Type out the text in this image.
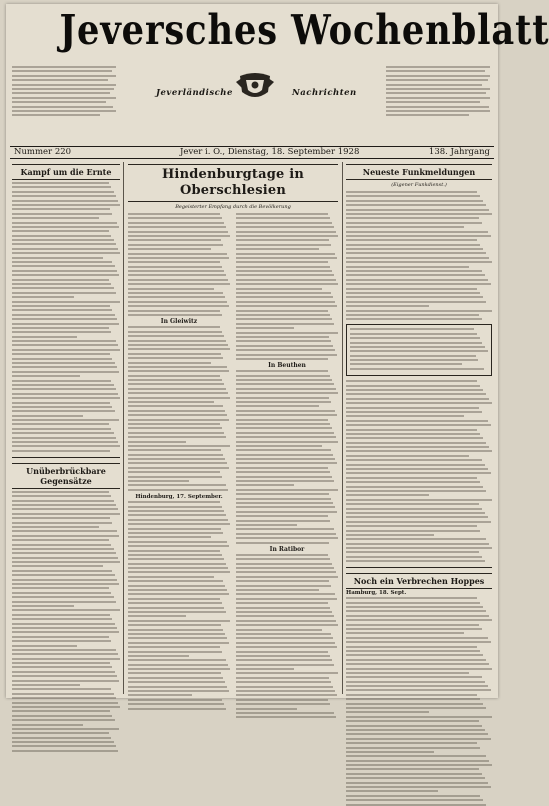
Jeversches Wochenblatt
Jeverländische	Nachrichten
Nummer 220	Jever i. O., Dienstag, 18. September 1928	138. Jahrgang
Kampf um die Ernte
Unüberbrückbare Gegensätze
Hindenburgtage in Oberschlesien
Begeisterter Empfang durch die Bevölkerung
In Gleiwitz
Hindenburg, 17. September.
In Beuthen
In Ratibor
Neueste Funkmeldungen
(Eigener Funkdienst.)
Noch ein Verbrechen Hoppes
Hamburg, 18. Sept.
